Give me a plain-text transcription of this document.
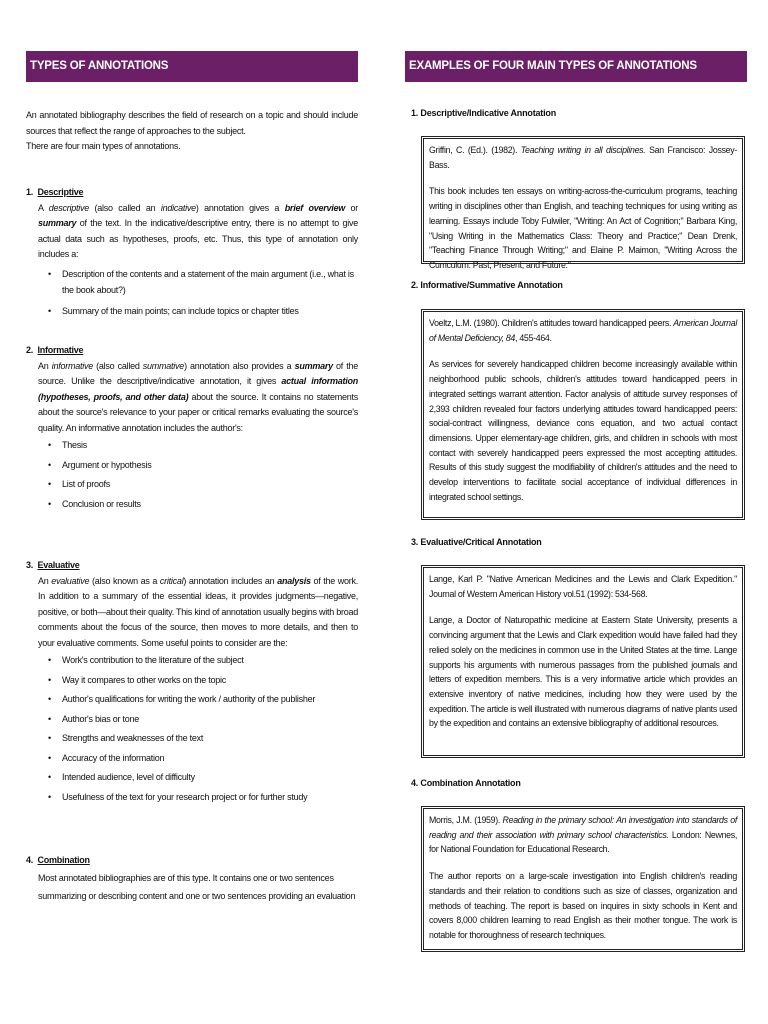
TYPES OF ANNOTATIONS	EXAMPLES OF FOUR MAIN TYPES OF ANNOTATIONS
An annotated bibliography describes the field of research on a topic and should include sources that reflect the range of approaches to the subject.
There are four main types of annotations.
1. Descriptive
A descriptive (also called an indicative) annotation gives a brief overview or summary of the text. In the indicative/descriptive entry, there is no attempt to give actual data such as hypotheses, proofs, etc. Thus, this type of annotation only includes a:
• Description of the contents and a statement of the main argument (i.e., what is the book about?)
• Summary of the main points; can include topics or chapter titles
2. Informative
An informative (also called summative) annotation also provides a summary of the source. Unlike the descriptive/indicative annotation, it gives actual information (hypotheses, proofs, and other data) about the source. It contains no statements about the source's relevance to your paper or critical remarks evaluating the source's quality. An informative annotation includes the author's:
• Thesis
• Argument or hypothesis
• List of proofs
• Conclusion or results
3. Evaluative
An evaluative (also known as a critical) annotation includes an analysis of the work. In addition to a summary of the essential ideas, it provides judgments—negative, positive, or both—about their quality. This kind of annotation usually begins with broad comments about the focus of the source, then moves to more details, and then to your evaluative comments. Some useful points to consider are the:
• Work's contribution to the literature of the subject
• Way it compares to other works on the topic
• Author's qualifications for writing the work / authority of the publisher
• Author's bias or tone
• Strengths and weaknesses of the text
• Accuracy of the information
• Intended audience, level of difficulty
• Usefulness of the text for your research project or for further study
4. Combination
Most annotated bibliographies are of this type. It contains one or two sentences summarizing or describing content and one or two sentences providing an evaluation
1. Descriptive/Indicative Annotation

Griffin, C. (Ed.). (1982). Teaching writing in all disciplines. San Francisco: Jossey-Bass.

This book includes ten essays on writing-across-the-curriculum programs, teaching writing in disciplines other than English, and teaching techniques for using writing as learning. Essays include Toby Fulwiler, "Writing: An Act of Cognition;" Barbara King, "Using Writing in the Mathematics Class: Theory and Practice;" Dean Drenk, "Teaching Finance Through Writing;" and Elaine P. Maimon, "Writing Across the Curriculum: Past, Present, and Future."

2. Informative/Summative Annotation

Voeltz, L.M. (1980). Children's attitudes toward handicapped peers. American Journal of Mental Deficiency, 84, 455-464.

As services for severely handicapped children become increasingly available within neighborhood public schools, children's attitudes toward handicapped peers in integrated settings warrant attention. Factor analysis of attitude survey responses of 2,393 children revealed four factors underlying attitudes toward handicapped peers: social-contract willingness, deviance cons equation, and two actual contact dimensions. Upper elementary-age children, girls, and children in schools with most contact with severely handicapped peers expressed the most accepting attitudes. Results of this study suggest the modifiability of children's attitudes and the need to develop interventions to facilitate social acceptance of individual differences in integrated school settings.

3. Evaluative/Critical Annotation

Lange, Karl P. "Native American Medicines and the Lewis and Clark Expedition." Journal of Western American History vol.51 (1992): 534-568.

Lange, a Doctor of Naturopathic medicine at Eastern State University, presents a convincing argument that the Lewis and Clark expedition would have failed had they relied solely on the medicines in common use in the United States at the time. Lange supports his arguments with numerous passages from the published journals and letters of expedition members. This is a very informative article which provides an extensive inventory of native medicines, including how they were used by the expedition. The article is well illustrated with numerous diagrams of native plants used by the expedition and contains an extensive bibliography of additional resources.

4. Combination Annotation

Morris, J.M. (1959). Reading in the primary school: An investigation into standards of reading and their association with primary school characteristics. London: Newnes, for National Foundation for Educational Research.

The author reports on a large-scale investigation into English children's reading standards and their relation to conditions such as size of classes, organization and methods of teaching. The report is based on inquires in sixty schools in Kent and covers 8,000 children learning to read English as their mother tongue. The work is notable for thoroughness of research techniques.
